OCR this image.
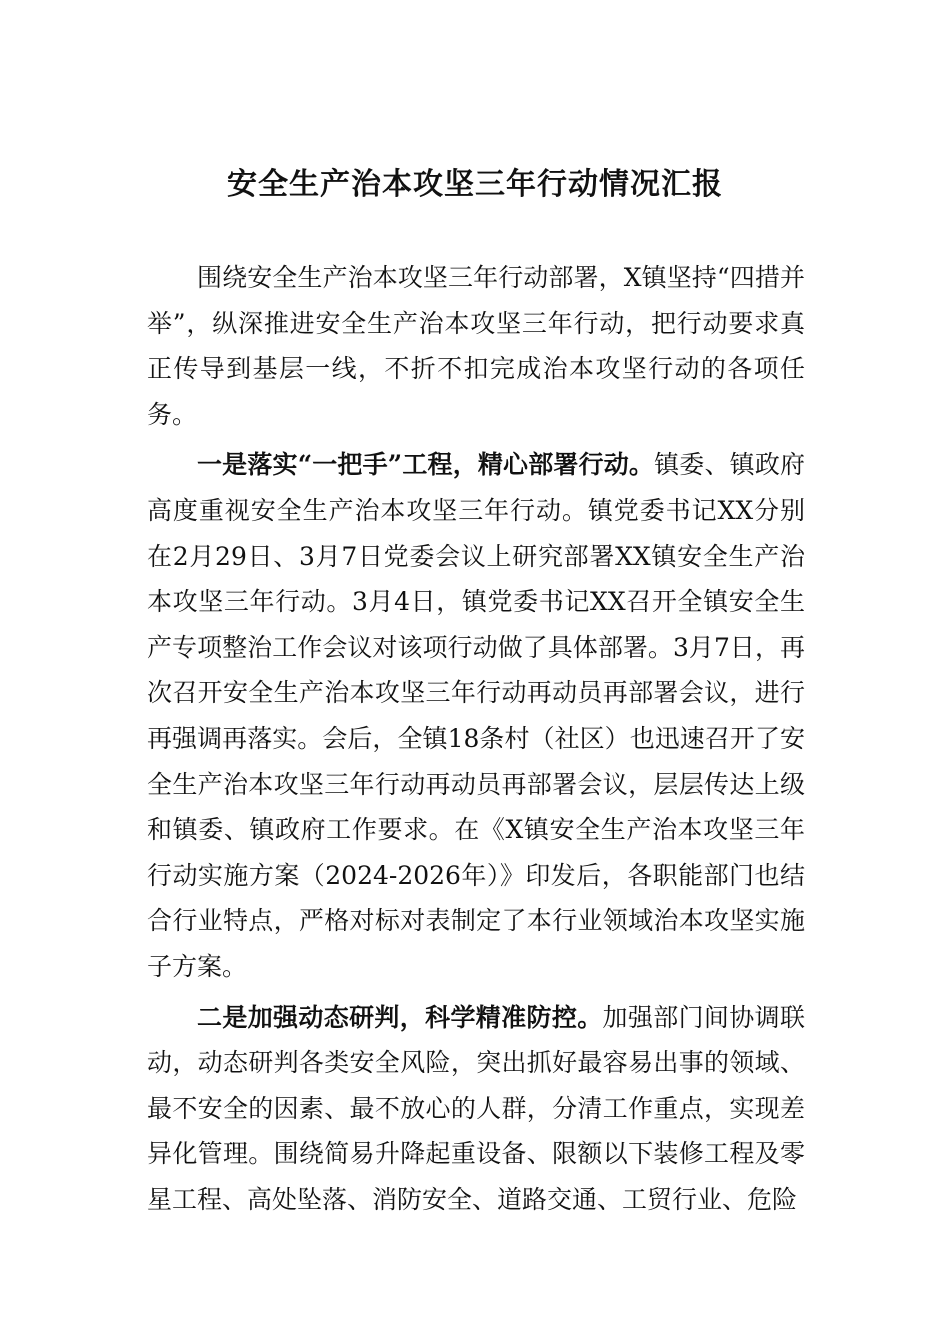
安全生产治本攻坚三年行动情况汇报

围绕安全生产治本攻坚三年行动部署，X镇坚持“四措并举”，纵深推进安全生产治本攻坚三年行动，把行动要求真正传导到基层一线，不折不扣完成治本攻坚行动的各项任务。

一是落实“一把手”工程，精心部署行动。镇委、镇政府高度重视安全生产治本攻坚三年行动。镇党委书记XX分别在2月29日、3月7日党委会议上研究部署XX镇安全生产治本攻坚三年行动。3月4日，镇党委书记XX召开全镇安全生产专项整治工作会议对该项行动做了具体部署。3月7日，再次召开安全生产治本攻坚三年行动再动员再部署会议，进行再强调再落实。会后，全镇18条村（社区）也迅速召开了安全生产治本攻坚三年行动再动员再部署会议，层层传达上级和镇委、镇政府工作要求。在《X镇安全生产治本攻坚三年行动实施方案（2024-2026年）》印发后，各职能部门也结合行业特点，严格对标对表制定了本行业领域治本攻坚实施子方案。

二是加强动态研判，科学精准防控。加强部门间协调联动，动态研判各类安全风险，突出抓好最容易出事的领域、最不安全的因素、最不放心的人群，分清工作重点，实现差异化管理。围绕简易升降起重设备、限额以下装修工程及零星工程、高处坠落、消防安全、道路交通、工贸行业、危险
